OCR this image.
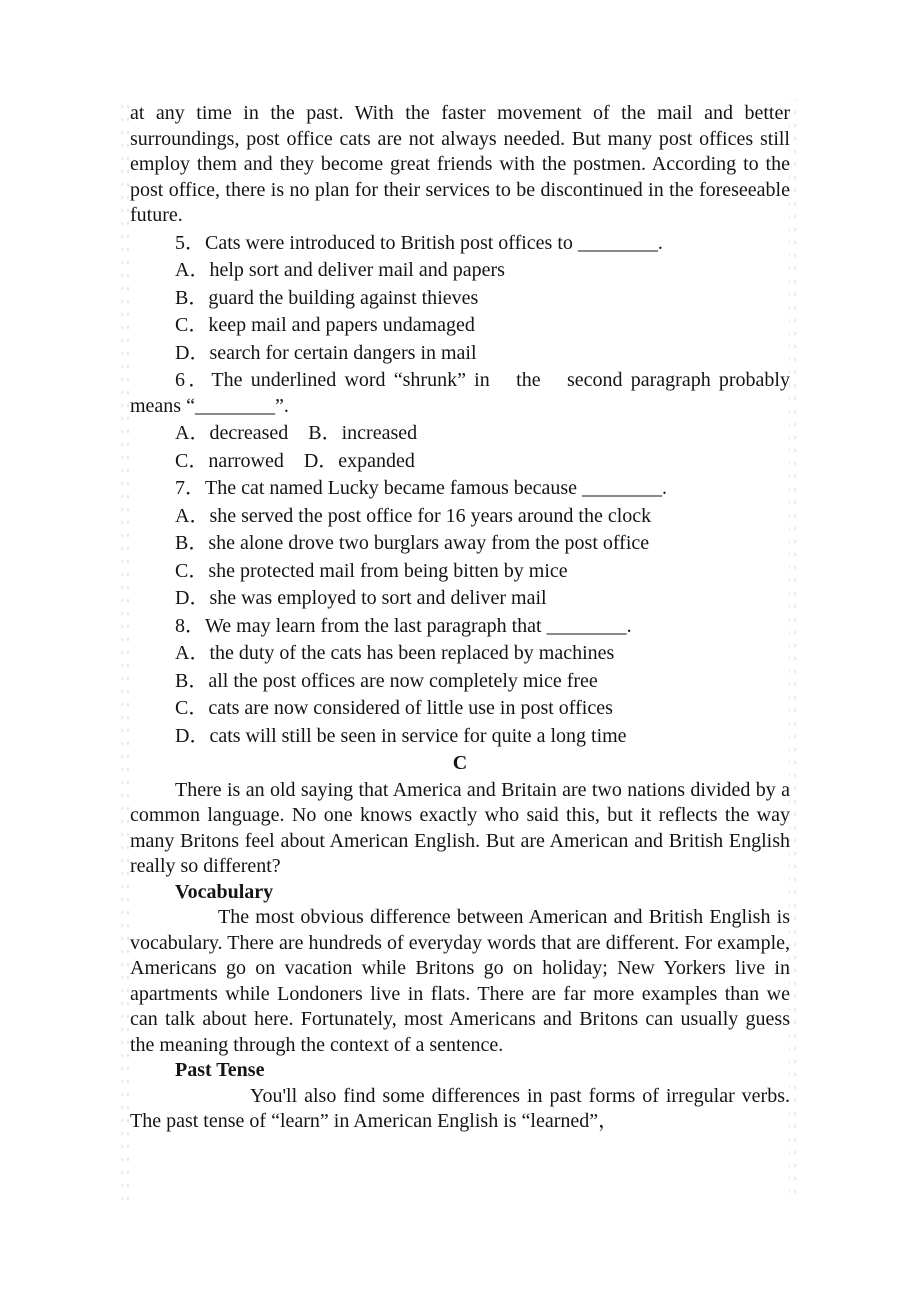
at any time in the past. With the faster movement of the mail and better surroundings, post office cats are not always needed. But many post offices still employ them and they become great friends with the postmen. According to the post office, there is no plan for their services to be discontinued in the foreseeable future.

5．Cats were introduced to British post offices to ________.

A．help sort and deliver mail and papers

B．guard the building against thieves

C．keep mail and papers undamaged

D．search for certain dangers in mail

6．The underlined word “shrunk” in　the　second paragraph probably means “________”.

A．decreased　B．increased

C．narrowed　D．expanded

7．The cat named Lucky became famous because ________.

A．she served the post office for 16 years around the clock

B．she alone drove two burglars away from the post office

C．she protected mail from being bitten by mice

D．she was employed to sort and deliver mail

8．We may learn from the last paragraph that ________.

A．the duty of the cats has been replaced by machines

B．all the post offices are now completely mice free

C．cats are now considered of little use in post offices

D．cats will still be seen in service for quite a long time

C

There is an old saying that America and Britain are two nations divided by a common language. No one knows exactly who said this, but it reflects the way many Britons feel about American English. But are American and British English really so different?

Vocabulary

The most obvious difference between American and British English is vocabulary. There are hundreds of everyday words that are different. For example, Americans go on vacation while Britons go on holiday; New Yorkers live in apartments while Londoners live in flats. There are far more examples than we can talk about here. Fortunately, most Americans and Britons can usually guess the meaning through the context of a sentence.

Past Tense

You'll also find some differences in past forms of irregular verbs. The past tense of “learn” in American English is “learned”，
